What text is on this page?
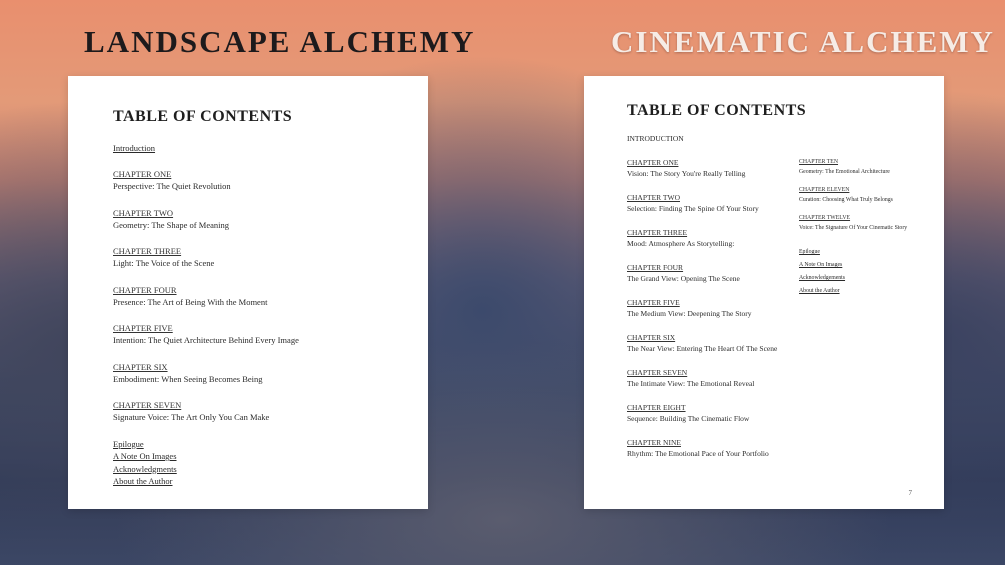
LANDSCAPE ALCHEMY	CINEMATIC ALCHEMY
TABLE OF CONTENTS
Introduction
CHAPTER ONE
Perspective: The Quiet Revolution
CHAPTER TWO
Geometry: The Shape of Meaning
CHAPTER THREE
Light: The Voice of the Scene
CHAPTER FOUR
Presence: The Art of Being With the Moment
CHAPTER FIVE
Intention: The Quiet Architecture Behind Every Image
CHAPTER SIX
Embodiment: When Seeing Becomes Being
CHAPTER SEVEN
Signature Voice: The Art Only You Can Make
Epilogue
A Note On Images
Acknowledgments
About the Author
TABLE OF CONTENTS
INTRODUCTION
CHAPTER ONE
Vision: The Story You're Really Telling
CHAPTER TWO
Selection: Finding The Spine Of Your Story
CHAPTER THREE
Mood: Atmosphere As Storytelling:
CHAPTER FOUR
The Grand View: Opening The Scene
CHAPTER FIVE
The Medium View: Deepening The Story
CHAPTER SIX
The Near View: Entering The Heart Of The Scene
CHAPTER SEVEN
The Intimate View: The Emotional Reveal
CHAPTER EIGHT
Sequence: Building The Cinematic Flow
CHAPTER NINE
Rhythm: The Emotional Pace of Your Portfolio
CHAPTER TEN
Geometry: The Emotional Architecture
CHAPTER ELEVEN
Curation: Choosing What Truly Belongs
CHAPTER TWELVE
Voice: The Signature Of Your Cinematic Story
Epilogue
A Note On Images
Acknowledgements
About the Author
7
